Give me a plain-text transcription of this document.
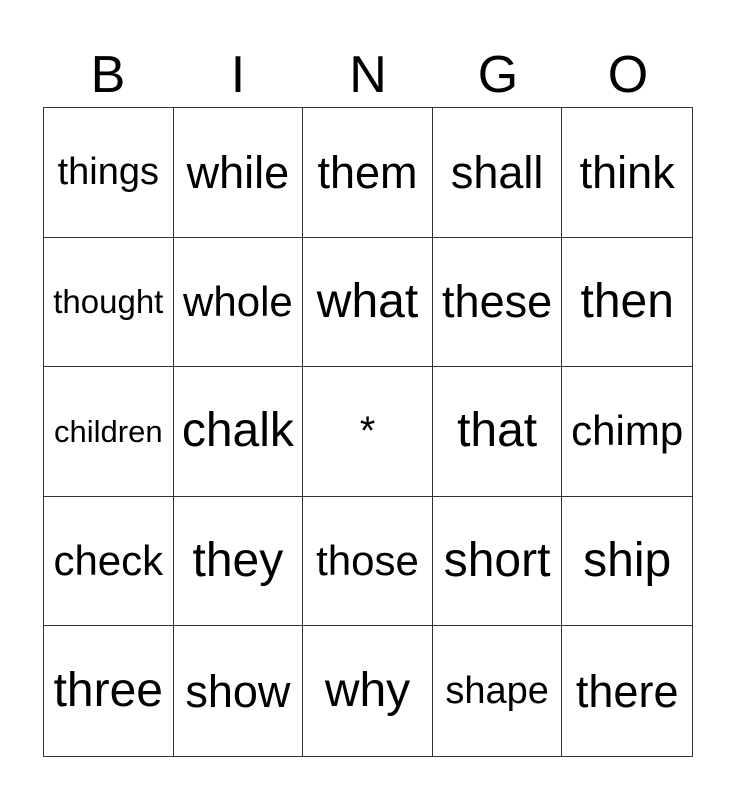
B	I	N	G	O
things while them shall think
thought whole what these then
children chalk	*	that chimp
check they those short ship
three show why shape there
